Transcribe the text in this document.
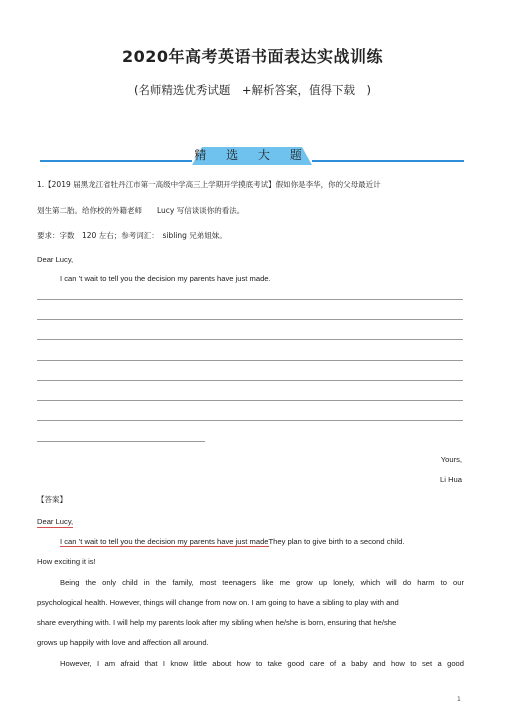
2020年高考英语书面表达实战训练
(名师精选优秀试题　+解析答案，值得下载　)
精 选 大 题
1.【2019 届黑龙江省牡丹江市第一高级中学高三上学期开学摸底考试】假如你是李华，你的父母最近计
划生第二胎。给你校的外籍老师　　Lucy 写信谈谈你的看法。
要求：字数　120 左右；参考词汇：　sibling 兄弟姐妹。
Dear Lucy,
I can ’t wait to tell you the decision my parents have just made.
Yours,
Li Hua
【答案】
Dear Lucy,
I can ’t wait to tell you the decision my parents have just madeThey plan to give birth to a second child.
How exciting it is!
Being the only child in the family, most teenagers like me grow up lonely, which will do harm to our
psychological health. However, things will change from now on. I am going to have a sibling to play with and
share everything with. I will help my parents look after my sibling when he/she is born, ensuring that he/she
grows up happily with love and affection all around.
However, I am afraid that I know little about how to take good care of a baby and how to set a good
1
